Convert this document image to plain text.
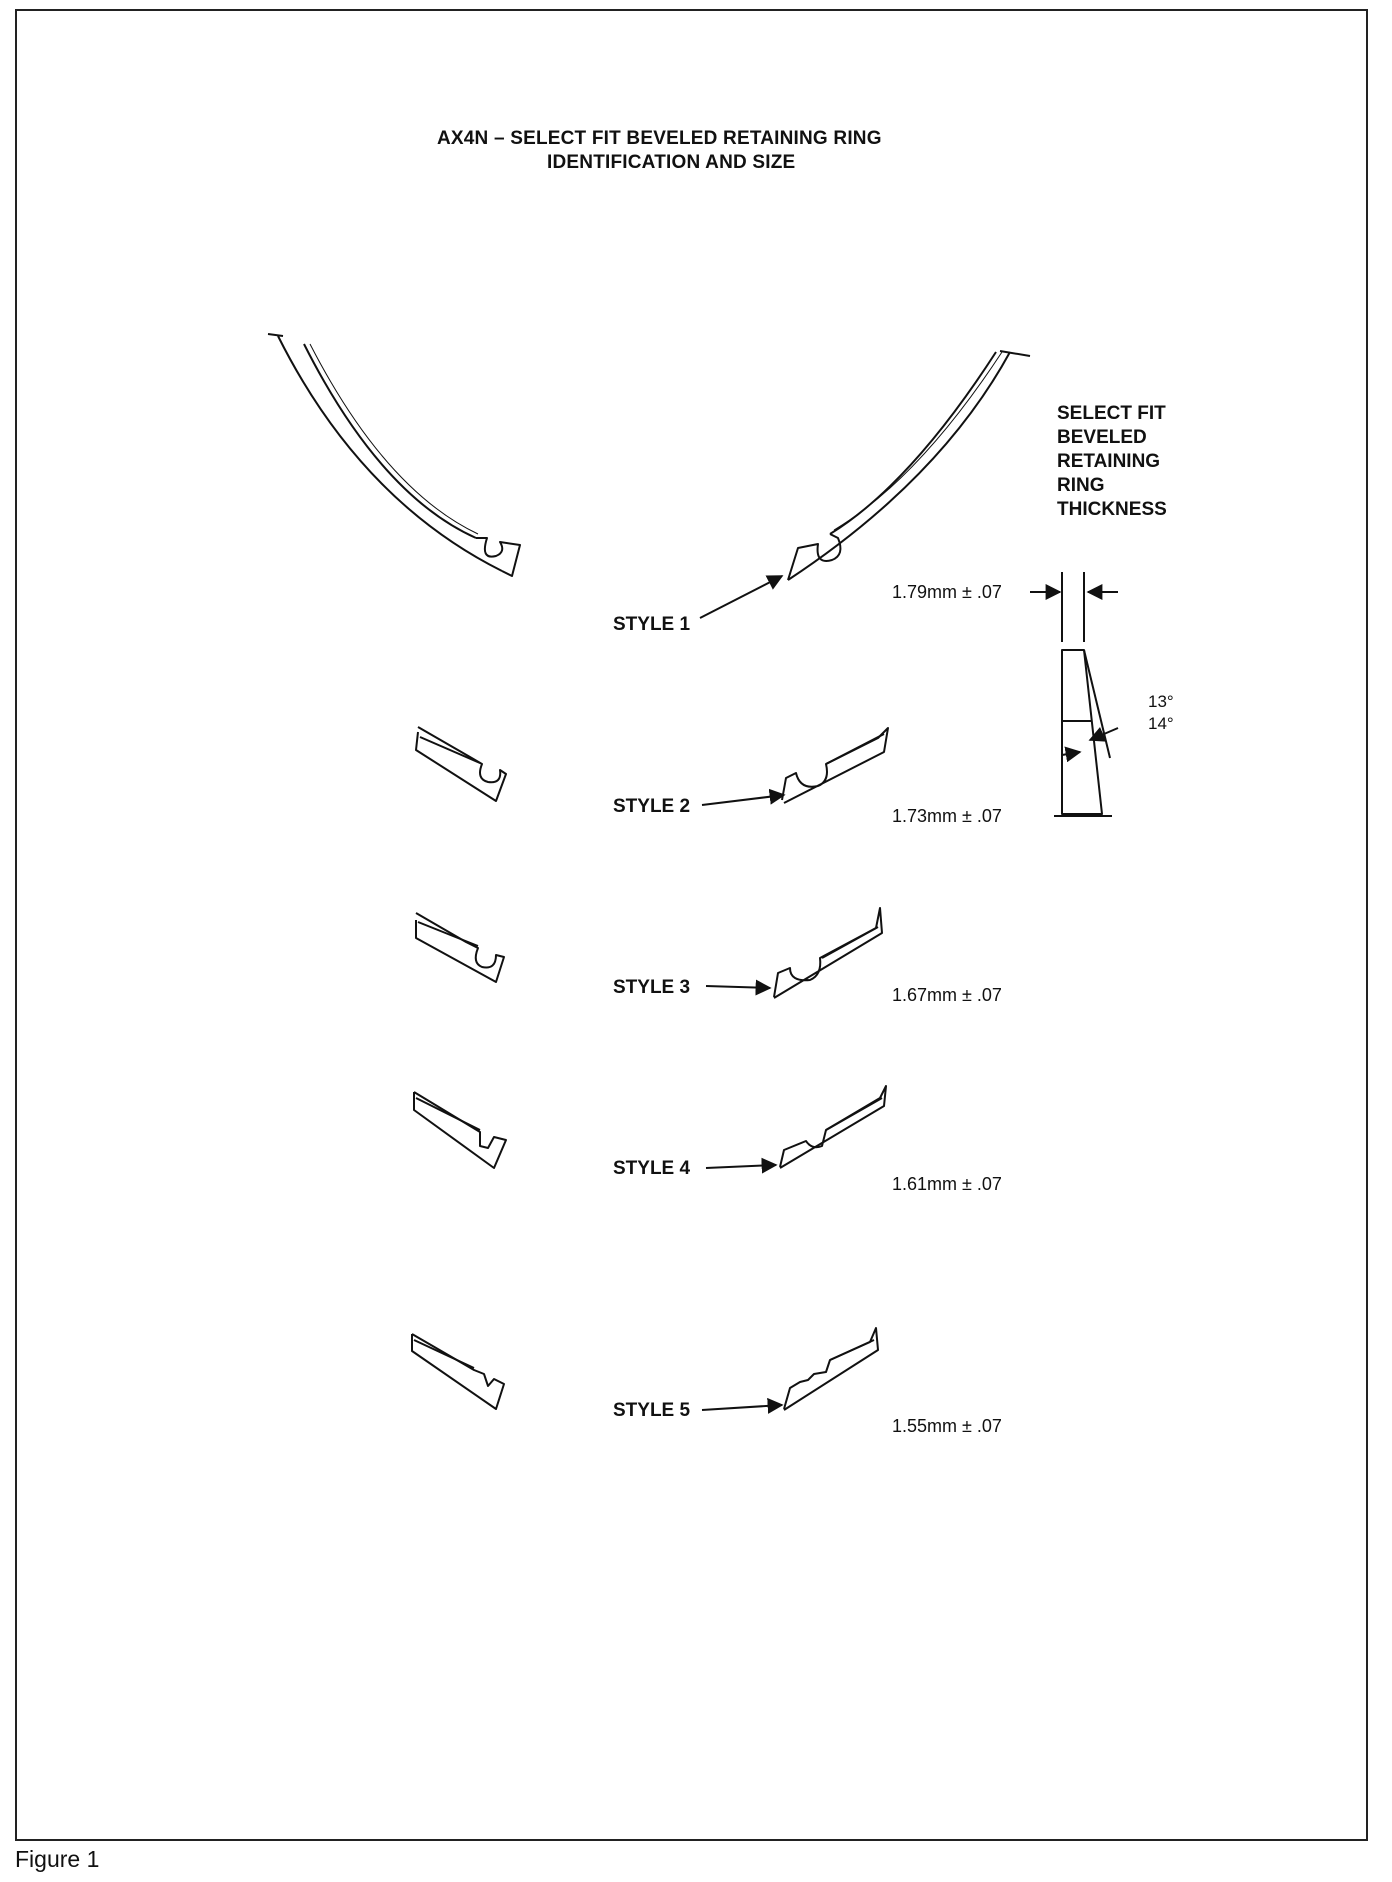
AX4N – SELECT FIT BEVELED RETAINING RING
IDENTIFICATION AND SIZE
SELECT FIT
BEVELED
RETAINING
RING
THICKNESS
STYLE 1
STYLE 2
STYLE 3
STYLE 4
STYLE 5
1.79mm ± .07
1.73mm ± .07
1.67mm ± .07
1.61mm ± .07
1.55mm ± .07
13°
14°
Figure 1
